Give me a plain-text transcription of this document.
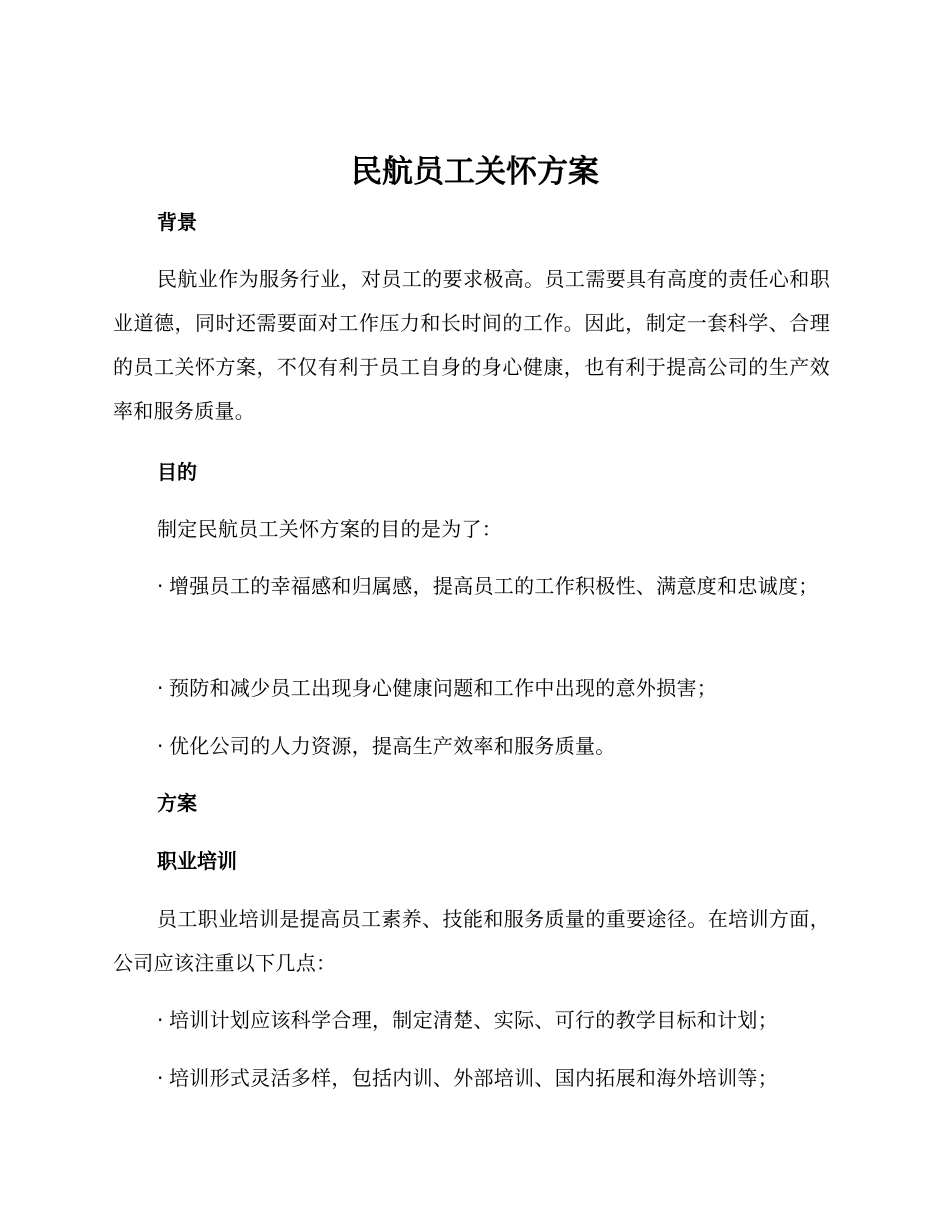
民航员工关怀方案
背景

民航业作为服务行业，对员工的要求极高。员工需要具有高度的责任心和职业道德，同时还需要面对工作压力和长时间的工作。因此，制定一套科学、合理的员工关怀方案，不仅有利于员工自身的身心健康，也有利于提高公司的生产效率和服务质量。

目的

制定民航员工关怀方案的目的是为了：

· 增强员工的幸福感和归属感，提高员工的工作积极性、满意度和忠诚度；

· 预防和减少员工出现身心健康问题和工作中出现的意外损害；

· 优化公司的人力资源，提高生产效率和服务质量。

方案
职业培训

员工职业培训是提高员工素养、技能和服务质量的重要途径。在培训方面，公司应该注重以下几点：

· 培训计划应该科学合理，制定清楚、实际、可行的教学目标和计划；

· 培训形式灵活多样，包括内训、外部培训、国内拓展和海外培训等；
